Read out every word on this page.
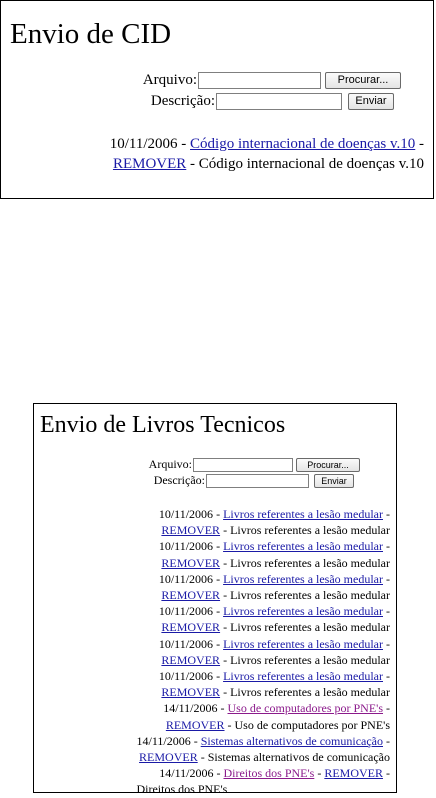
Envio de CID
Arquivo:	Procurar...
Descrição:	Enviar
10/11/2006 - Código internacional de doenças v.10 -
REMOVER - Código internacional de doenças v.10
Envio de Livros Tecnicos
Arquivo:	Procurar...
Descrição:	Enviar
10/11/2006 - Livros referentes a lesão medular -
REMOVER - Livros referentes a lesão medular
10/11/2006 - Livros referentes a lesão medular -
REMOVER - Livros referentes a lesão medular
10/11/2006 - Livros referentes a lesão medular -
REMOVER - Livros referentes a lesão medular
10/11/2006 - Livros referentes a lesão medular -
REMOVER - Livros referentes a lesão medular
10/11/2006 - Livros referentes a lesão medular -
REMOVER - Livros referentes a lesão medular
10/11/2006 - Livros referentes a lesão medular -
REMOVER - Livros referentes a lesão medular
14/11/2006 - Uso de computadores por PNE's -
REMOVER - Uso de computadores por PNE's
14/11/2006 - Sistemas alternativos de comunicação -
REMOVER - Sistemas alternativos de comunicação
14/11/2006 - Direitos dos PNE's - REMOVER -
Direitos dos PNE's
